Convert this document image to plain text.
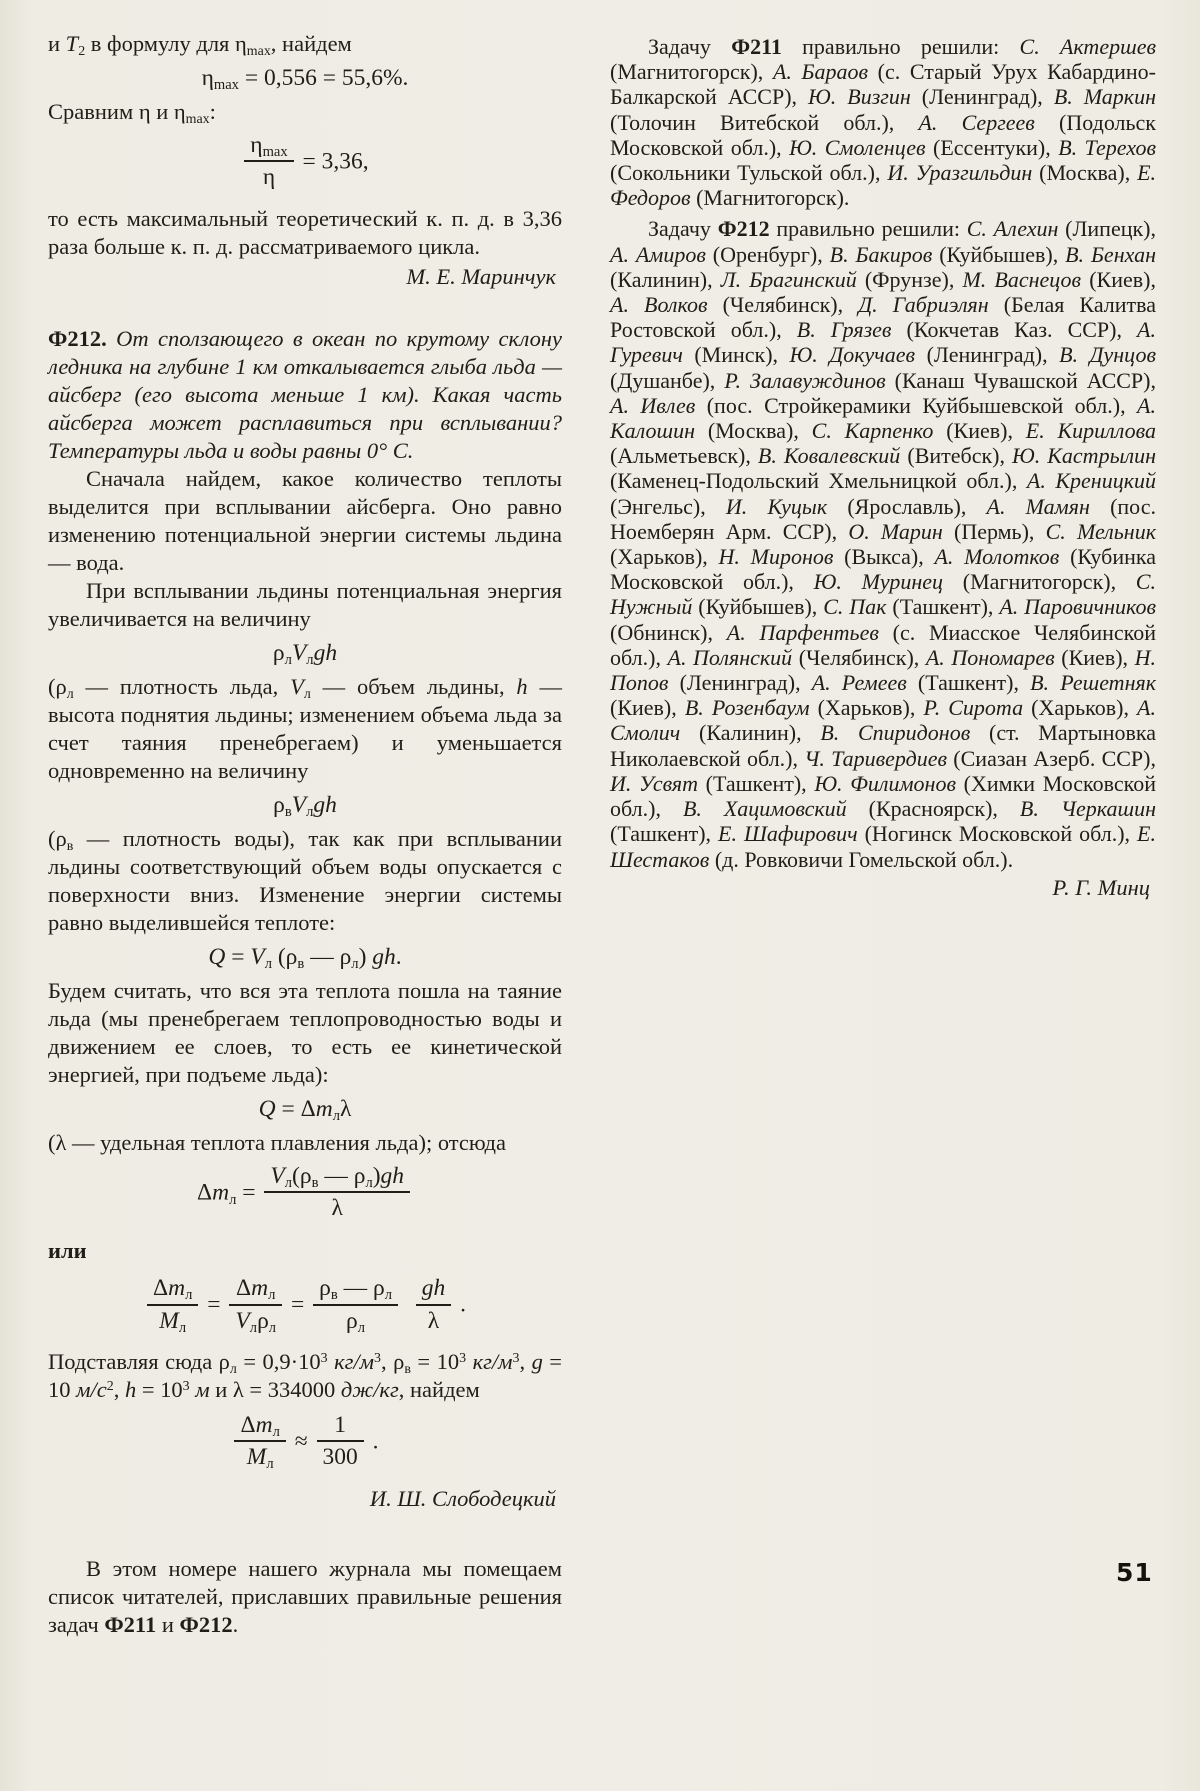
и $T_2$ в формулу для $\eta_{max}$, найдем

$\eta_{max} = 0,556 = 55,6\%$.

Сравним η и $\eta_{max}$:

$\frac{\eta_{max}}{\eta} = 3,36$,

то есть максимальный теоретический к. п. д. в 3,36 раза больше к. п. д. рассматриваемого цикла.

М. Е. Маринчук

Ф212. От сползающего в океан по крутому склону ледника на глубине 1 км откалывается глыба льда — айсберг (его высота меньше 1 км). Какая часть айсберга может расплавиться при всплывании? Температуры льда и воды равны 0° С.

Сначала найдем, какое количество теплоты выделится при всплывании айсберга. Оно равно изменению потенциальной энергии системы льдина — вода.

При всплывании льдины потенциальная энергия увеличивается на величину

$\rho_лV_лgh$

($\rho_л$ — плотность льда, $V_л$ — объем льдины, h — высота поднятия льдины; изменением объема льда за счет таяния пренебрегаем) и уменьшается одновременно на величину

$\rho_вV_лgh$

($\rho_в$ — плотность воды), так как при всплывании льдины соответствующий объем воды опускается с поверхности вниз. Изменение энергии системы равно выделившейся теплоте:

$Q = V_л$ ($\rho_в$ — $\rho_л$) gh.

Будем считать, что вся эта теплота пошла на таяние льда (мы пренебрегаем теплопроводностью воды и движением ее слоев, то есть ее кинетической энергией, при подъеме льда):

$Q = \Delta m_л\lambda$

(λ — удельная теплота плавления льда); отсюда

$\Delta m_л = \frac{V_л(\rho_в — \rho_л)gh}{\lambda}$

или

$\frac{\Delta m_л}{M_л} = \frac{\Delta m_л}{V_л\rho_л} = \frac{\rho_в — \rho_л}{\rho_л}$
  $\frac{gh}{\lambda}$ .

Подставляя сюда $\rho_л = 0,9\cdot 10^3$ $кг/м^3$, $\rho_в = 10^3$ $кг/м^3$, g = 10 $м/с^2$, $h = 10^3$ м и λ = 334000 дж/кг, найдем

$\frac{\Delta m_л}{M_л} \approx \frac{1}{300}$ .
И. Ш. Слободецкий

В этом номере нашего журнала мы помещаем список читателей, приславших правильные решения задач Ф211 и Ф212.

Задачу Ф211 правильно решили: С. Актершев (Магнитогорск), А. Бараов (с. Старый Урух Кабардино-Балкарской АССР), Ю. Визгин (Ленинград), В. Маркин (Толочин Витебской обл.), А. Сергеев (Подольск Московской обл.), Ю. Смоленцев (Ессентуки), В. Терехов (Сокольники Тульской обл.), И. Уразгильдин (Москва), Е. Федоров (Магнитогорск).

Задачу Ф212 правильно решили: С. Алехин (Липецк), А. Амиров (Оренбург), В. Бакиров (Куйбышев), В. Бенхан (Калинин), Л. Брагинский (Фрунзе), М. Васнецов (Киев), А. Волков (Челябинск), Д. Габриэлян (Белая Калитва Ростовской обл.), В. Грязев (Кокчетав Каз. ССР), А. Гуревич (Минск), Ю. Докучаев (Ленинград), В. Дунцов (Душанбе), Р. Залавуждинов (Канаш Чувашской АССР), А. Ивлев (пос. Стройкерамики Куйбышевской обл.), А. Калошин (Москва), С. Карпенко (Киев), Е. Кириллова (Альметьевск), В. Ковалевский (Витебск), Ю. Кастрылин (Каменец-Подольский Хмельницкой обл.), А. Креницкий (Энгельс), И. Куцык (Ярославль), А. Мамян (пос. Ноемберян Арм. ССР), О. Марин (Пермь), С. Мельник (Харьков), Н. Миронов (Выкса), А. Молотков (Кубинка Московской обл.), Ю. Муринец (Магнитогорск), С. Нужный (Куйбышев), С. Пак (Ташкент), А. Паровичников (Обнинск), А. Парфентьев (с. Миасское Челябинской обл.), А. Полянский (Челябинск), А. Пономарев (Киев), Н. Попов (Ленинград), А. Ремеев (Ташкент), В. Решетняк (Киев), В. Розенбаум (Харьков), Р. Сирота (Харьков), А. Смолич (Калинин), В. Спиридонов (ст. Мартыновка Николаевской обл.), Ч. Таривердиев (Сиазан Азерб. ССР), И. Усвят (Ташкент), Ю. Филимонов (Химки Московской обл.), В. Хацимовский (Красноярск), В. Черкашин (Ташкент), Е. Шафирович (Ногинск Московской обл.), Е. Шестаков (д. Ровковичи Гомельской обл.).

Р. Г. Минц
51
